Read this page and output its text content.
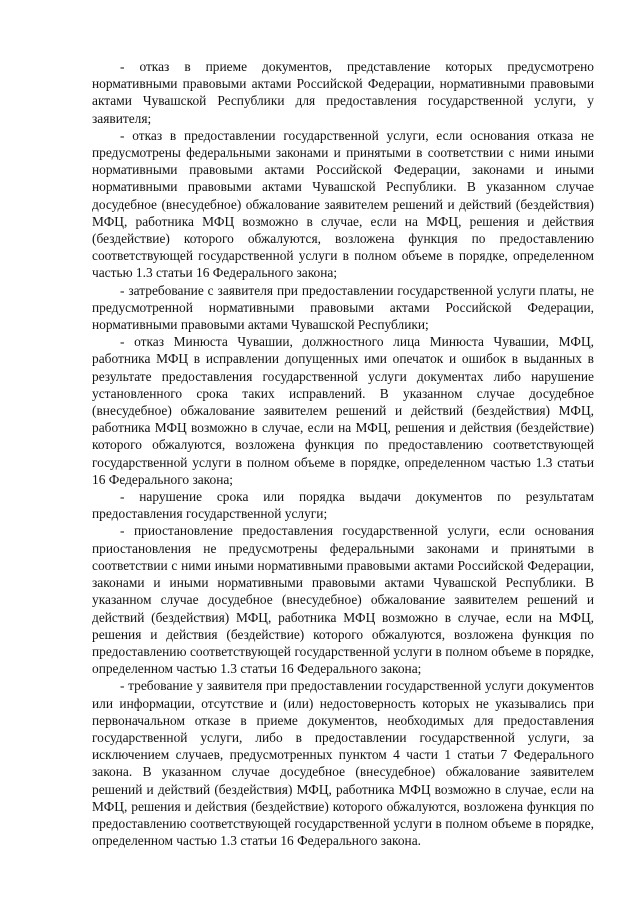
- отказ в приеме документов, представление которых предусмотрено нормативными правовыми актами Российской Федерации, нормативными правовыми актами Чувашской Республики для предоставления государственной услуги, у заявителя;

- отказ в предоставлении государственной услуги, если основания отказа не предусмотрены федеральными законами и принятыми в соответствии с ними иными нормативными правовыми актами Российской Федерации, законами и иными нормативными правовыми актами Чувашской Республики. В указанном случае досудебное (внесудебное) обжалование заявителем решений и действий (бездействия) МФЦ, работника МФЦ возможно в случае, если на МФЦ, решения и действия (бездействие) которого обжалуются, возложена функция по предоставлению соответствующей государственной услуги в полном объеме в порядке, определенном частью 1.3 статьи 16 Федерального закона;

- затребование с заявителя при предоставлении государственной услуги платы, не предусмотренной нормативными правовыми актами Российской Федерации, нормативными правовыми актами Чувашской Республики;

- отказ Минюста Чувашии, должностного лица Минюста Чувашии, МФЦ, работника МФЦ в исправлении допущенных ими опечаток и ошибок в выданных в результате предоставления государственной услуги документах либо нарушение установленного срока таких исправлений. В указанном случае досудебное (внесудебное) обжалование заявителем решений и действий (бездействия) МФЦ, работника МФЦ возможно в случае, если на МФЦ, решения и действия (бездействие) которого обжалуются, возложена функция по предоставлению соответствующей государственной услуги в полном объеме в порядке, определенном частью 1.3 статьи 16 Федерального закона;

- нарушение срока или порядка выдачи документов по результатам предоставления государственной услуги;

- приостановление предоставления государственной услуги, если основания приостановления не предусмотрены федеральными законами и принятыми в соответствии с ними иными нормативными правовыми актами Российской Федерации, законами и иными нормативными правовыми актами Чувашской Республики. В указанном случае досудебное (внесудебное) обжалование заявителем решений и действий (бездействия) МФЦ, работника МФЦ возможно в случае, если на МФЦ, решения и действия (бездействие) которого обжалуются, возложена функция по предоставлению соответствующей государственной услуги в полном объеме в порядке, определенном частью 1.3 статьи 16 Федерального закона;

- требование у заявителя при предоставлении государственной услуги документов или информации, отсутствие и (или) недостоверность которых не указывались при первоначальном отказе в приеме документов, необходимых для предоставления государственной услуги, либо в предоставлении государственной услуги, за исключением случаев, предусмотренных пунктом 4 части 1 статьи 7 Федерального закона. В указанном случае досудебное (внесудебное) обжалование заявителем решений и действий (бездействия) МФЦ, работника МФЦ возможно в случае, если на МФЦ, решения и действия (бездействие) которого обжалуются, возложена функция по предоставлению соответствующей государственной услуги в полном объеме в порядке, определенном частью 1.3 статьи 16 Федерального закона.
